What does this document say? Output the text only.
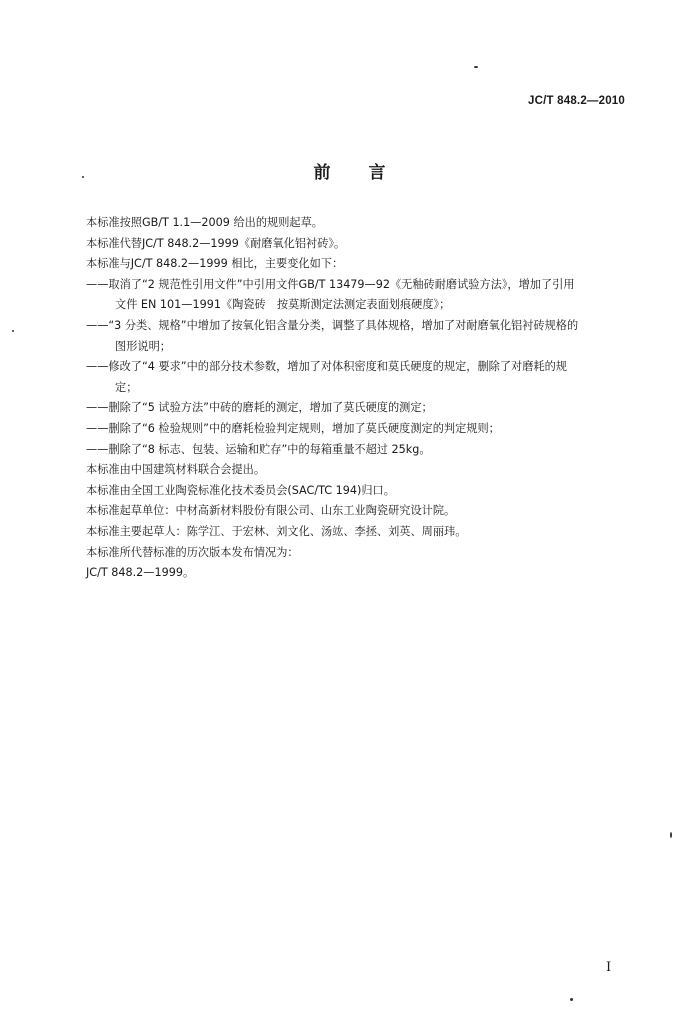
JC/T 848.2—2010
前 言
本标准按照GB/T 1.1—2009 给出的规则起草。
本标准代替JC/T 848.2—1999《耐磨氧化铝衬砖》。
本标准与JC/T 848.2—1999 相比，主要变化如下：
——取消了“2 规范性引用文件”中引用文件GB/T 13479—92《无釉砖耐磨试验方法》，增加了引用
文件 EN 101—1991《陶瓷砖　按莫斯测定法测定表面划痕硬度》；
——“3 分类、规格”中增加了按氧化铝含量分类，调整了具体规格，增加了对耐磨氧化铝衬砖规格的
图形说明；
——修改了“4 要求”中的部分技术参数，增加了对体积密度和莫氏硬度的规定，删除了对磨耗的规
定；
——删除了“5 试验方法”中砖的磨耗的测定，增加了莫氏硬度的测定；
——删除了“6 检验规则”中的磨耗检验判定规则，增加了莫氏硬度测定的判定规则；
——删除了“8 标志、包装、运输和贮存”中的每箱重量不超过 25kg。
本标准由中国建筑材料联合会提出。
本标准由全国工业陶瓷标准化技术委员会(SAC/TC 194)归口。
本标准起草单位：中材高新材料股份有限公司、山东工业陶瓷研究设计院。
本标准主要起草人：陈学江、于宏林、刘文化、汤竑、李拯、刘英、周丽玮。
本标准所代替标准的历次版本发布情况为：
JC/T 848.2—1999。
I
